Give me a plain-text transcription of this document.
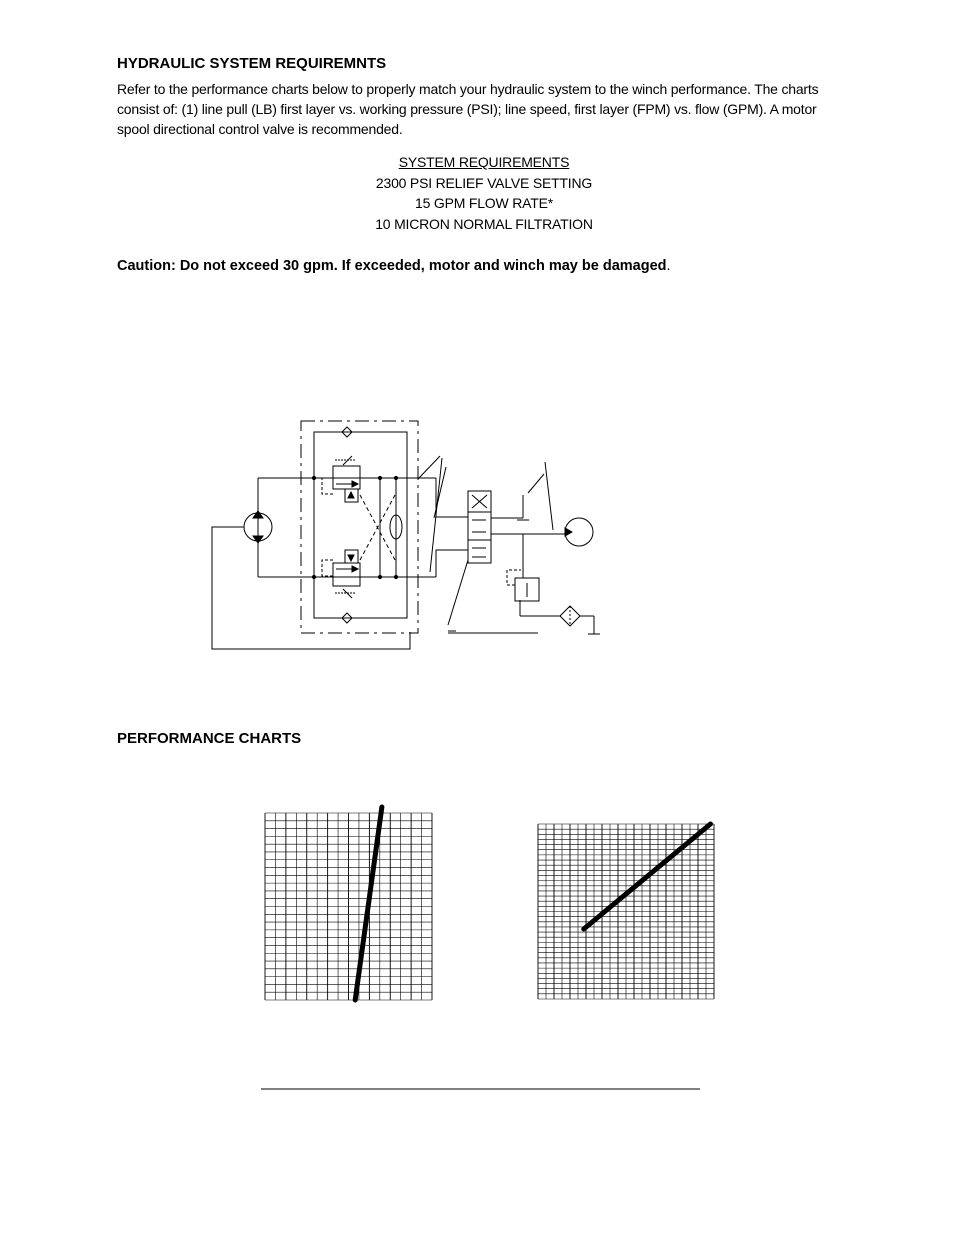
HYDRAULIC SYSTEM REQUIREMNTS
Refer to the performance charts below to properly match your hydraulic system to the winch performance. The charts consist of: (1) line pull (LB) first layer vs. working pressure (PSI); line speed, first layer (FPM) vs. flow (GPM). A motor spool directional control valve is recommended.
SYSTEM REQUIREMENTS
2300 PSI RELIEF VALVE SETTING
15 GPM FLOW RATE*
10 MICRON NORMAL FILTRATION
Caution: Do not exceed 30 gpm. If exceeded, motor and winch may be damaged.
PERFORMANCE CHARTS
